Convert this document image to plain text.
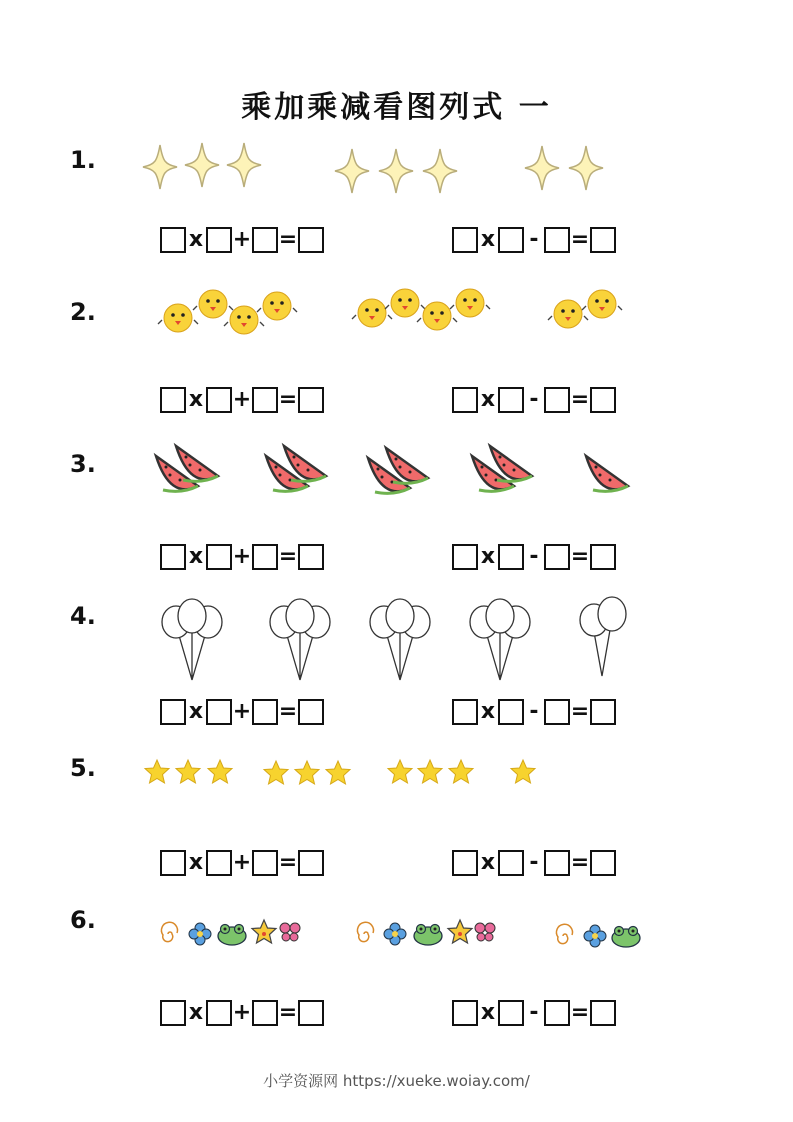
乘加乘减看图列式 一
1.
x + =	x - =
2.
x + =	x - =
3.
x + =	x - =
4.
x + =	x - =
5.
x + =	x - =
6.
x + =	x - =
小学资源网 https://xueke.woiay.com/
